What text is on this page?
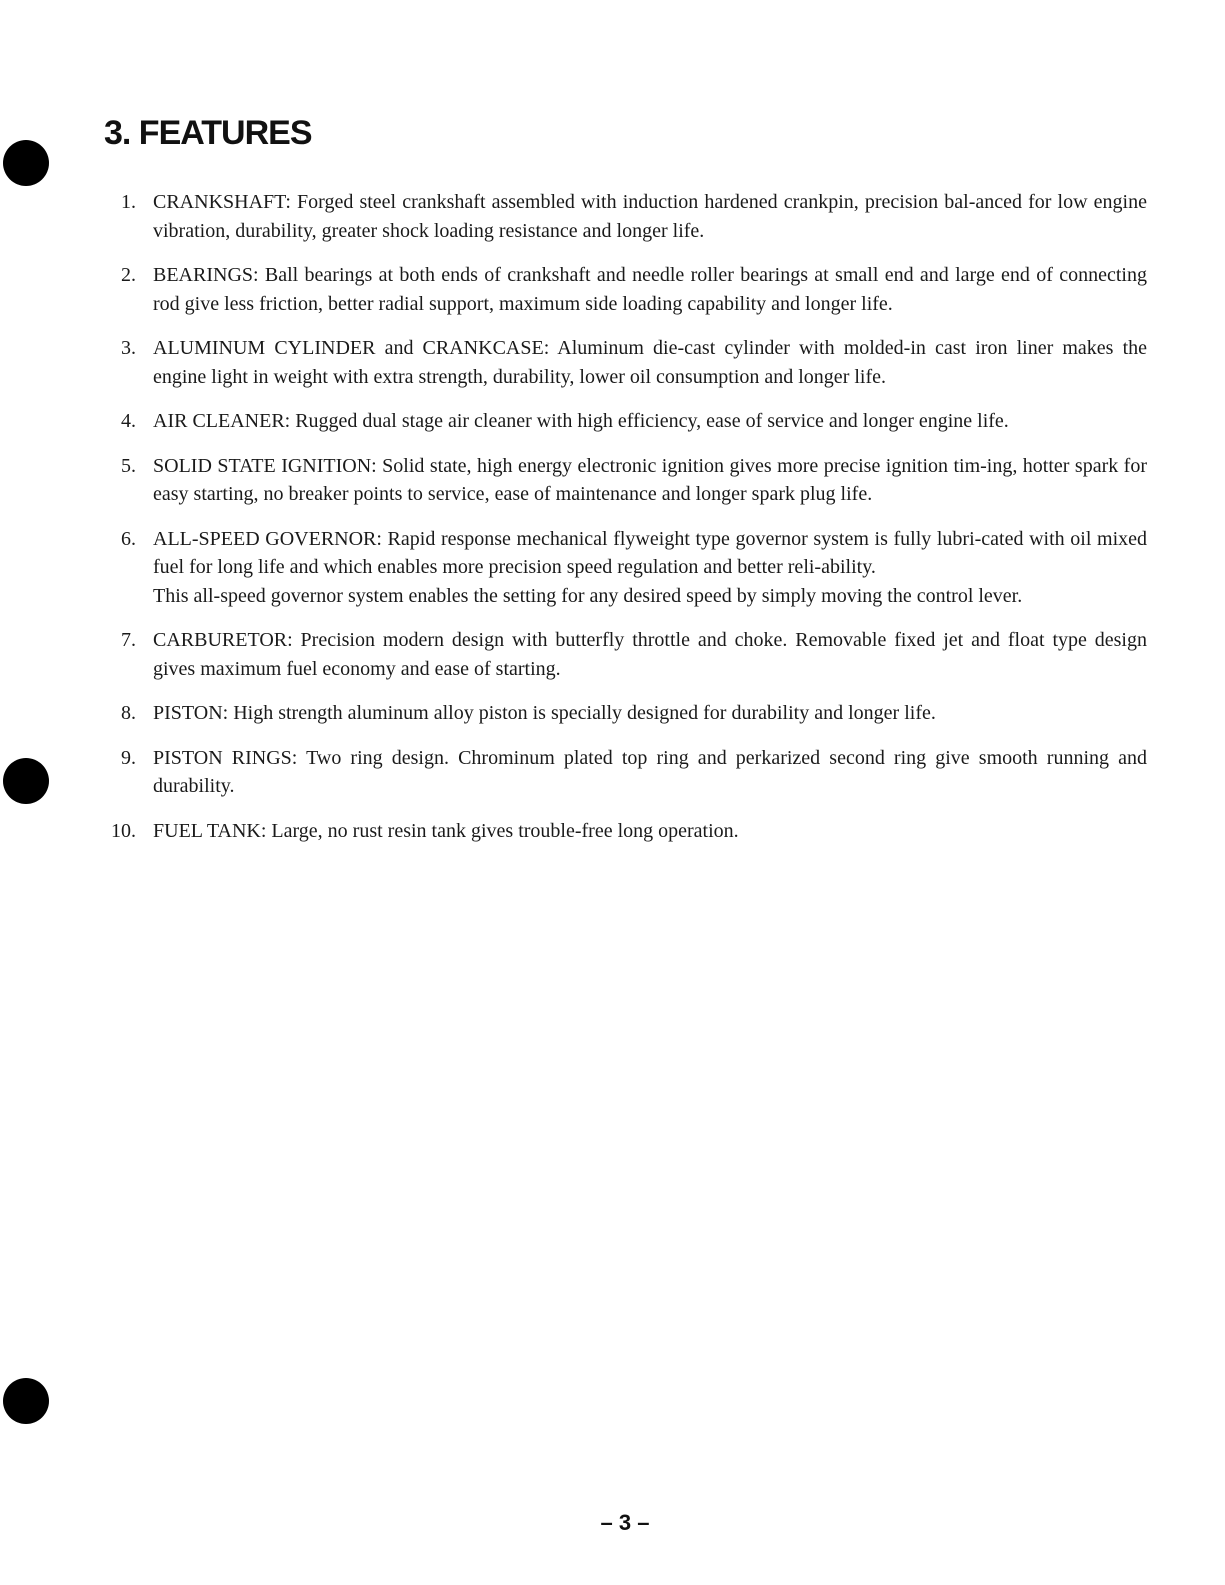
3. FEATURES
1. CRANKSHAFT: Forged steel crankshaft assembled with induction hardened crankpin, precision bal-anced for low engine vibration, durability, greater shock loading resistance and longer life.

2. BEARINGS: Ball bearings at both ends of crankshaft and needle roller bearings at small end and large end of connecting rod give less friction, better radial support, maximum side loading capability and longer life.

3. ALUMINUM CYLINDER and CRANKCASE: Aluminum die-cast cylinder with molded-in cast iron liner makes the engine light in weight with extra strength, durability, lower oil consumption and longer life.

4. AIR CLEANER: Rugged dual stage air cleaner with high efficiency, ease of service and longer engine life.

5. SOLID STATE IGNITION: Solid state, high energy electronic ignition gives more precise ignition tim-ing, hotter spark for easy starting, no breaker points to service, ease of maintenance and longer spark plug life.

6. ALL-SPEED GOVERNOR: Rapid response mechanical flyweight type governor system is fully lubri-cated with oil mixed fuel for long life and which enables more precision speed regulation and better reli-ability.

This all-speed governor system enables the setting for any desired speed by simply moving the control lever.

7. CARBURETOR: Precision modern design with butterfly throttle and choke. Removable fixed jet and float type design gives maximum fuel economy and ease of starting.

8. PISTON: High strength aluminum alloy piston is specially designed for durability and longer life.

9. PISTON RINGS: Two ring design. Chrominum plated top ring and perkarized second ring give smooth running and durability.

10. FUEL TANK: Large, no rust resin tank gives trouble-free long operation.

– 3 –
